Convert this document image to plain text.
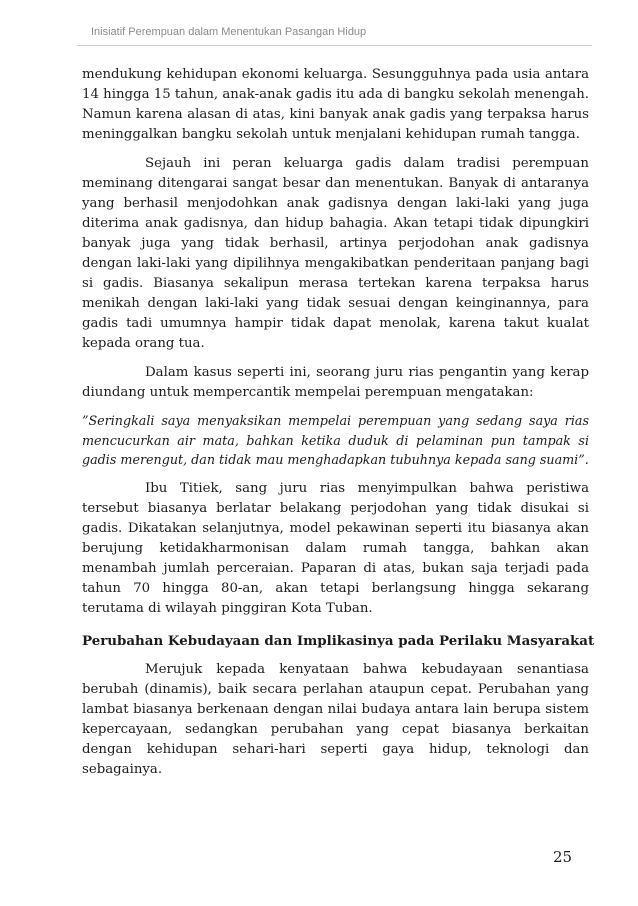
Inisiatif Perempuan dalam Menentukan Pasangan Hidup

mendukung kehidupan ekonomi keluarga. Sesungguhnya pada usia antara 14 hingga 15 tahun, anak-anak gadis itu ada di bangku sekolah menengah. Namun karena alasan di atas, kini banyak anak gadis yang terpaksa harus meninggalkan bangku sekolah untuk menjalani kehidupan rumah tangga.

Sejauh ini peran keluarga gadis dalam tradisi perempuan meminang ditengarai sangat besar dan menentukan. Banyak di antaranya yang berhasil menjodohkan anak gadisnya dengan laki-laki yang juga diterima anak gadisnya, dan hidup bahagia. Akan tetapi tidak dipungkiri banyak juga yang tidak berhasil, artinya perjodohan anak gadisnya dengan laki-laki yang dipilihnya mengakibatkan penderitaan panjang bagi si gadis. Biasanya sekalipun merasa tertekan karena terpaksa harus menikah dengan laki-laki yang tidak sesuai dengan keinginannya, para gadis tadi umumnya hampir tidak dapat menolak, karena takut kualat kepada orang tua.

Dalam kasus seperti ini, seorang juru rias pengantin yang kerap diundang untuk mempercantik mempelai perempuan mengatakan:

”Seringkali saya menyaksikan mempelai perempuan yang sedang saya rias mencucurkan air mata, bahkan ketika duduk di pelaminan pun tampak si gadis merengut, dan tidak mau menghadapkan tubuhnya kepada sang suami”.

Ibu Titiek, sang juru rias menyimpulkan bahwa peristiwa tersebut biasanya berlatar belakang perjodohan yang tidak disukai si gadis. Dikatakan selanjutnya, model pekawinan seperti itu biasanya akan berujung ketidakharmonisan dalam rumah tangga, bahkan akan menambah jumlah perceraian. Paparan di atas, bukan saja terjadi pada tahun 70 hingga 80-an, akan tetapi berlangsung hingga sekarang terutama di wilayah pinggiran Kota Tuban.

Perubahan Kebudayaan dan Implikasinya pada Perilaku Masyarakat

Merujuk kepada kenyataan bahwa kebudayaan senantiasa berubah (dinamis), baik secara perlahan ataupun cepat. Perubahan yang lambat biasanya berkenaan dengan nilai budaya antara lain berupa sistem kepercayaan, sedangkan perubahan yang cepat biasanya berkaitan dengan kehidupan sehari-hari seperti gaya hidup, teknologi dan sebagainya.

25
